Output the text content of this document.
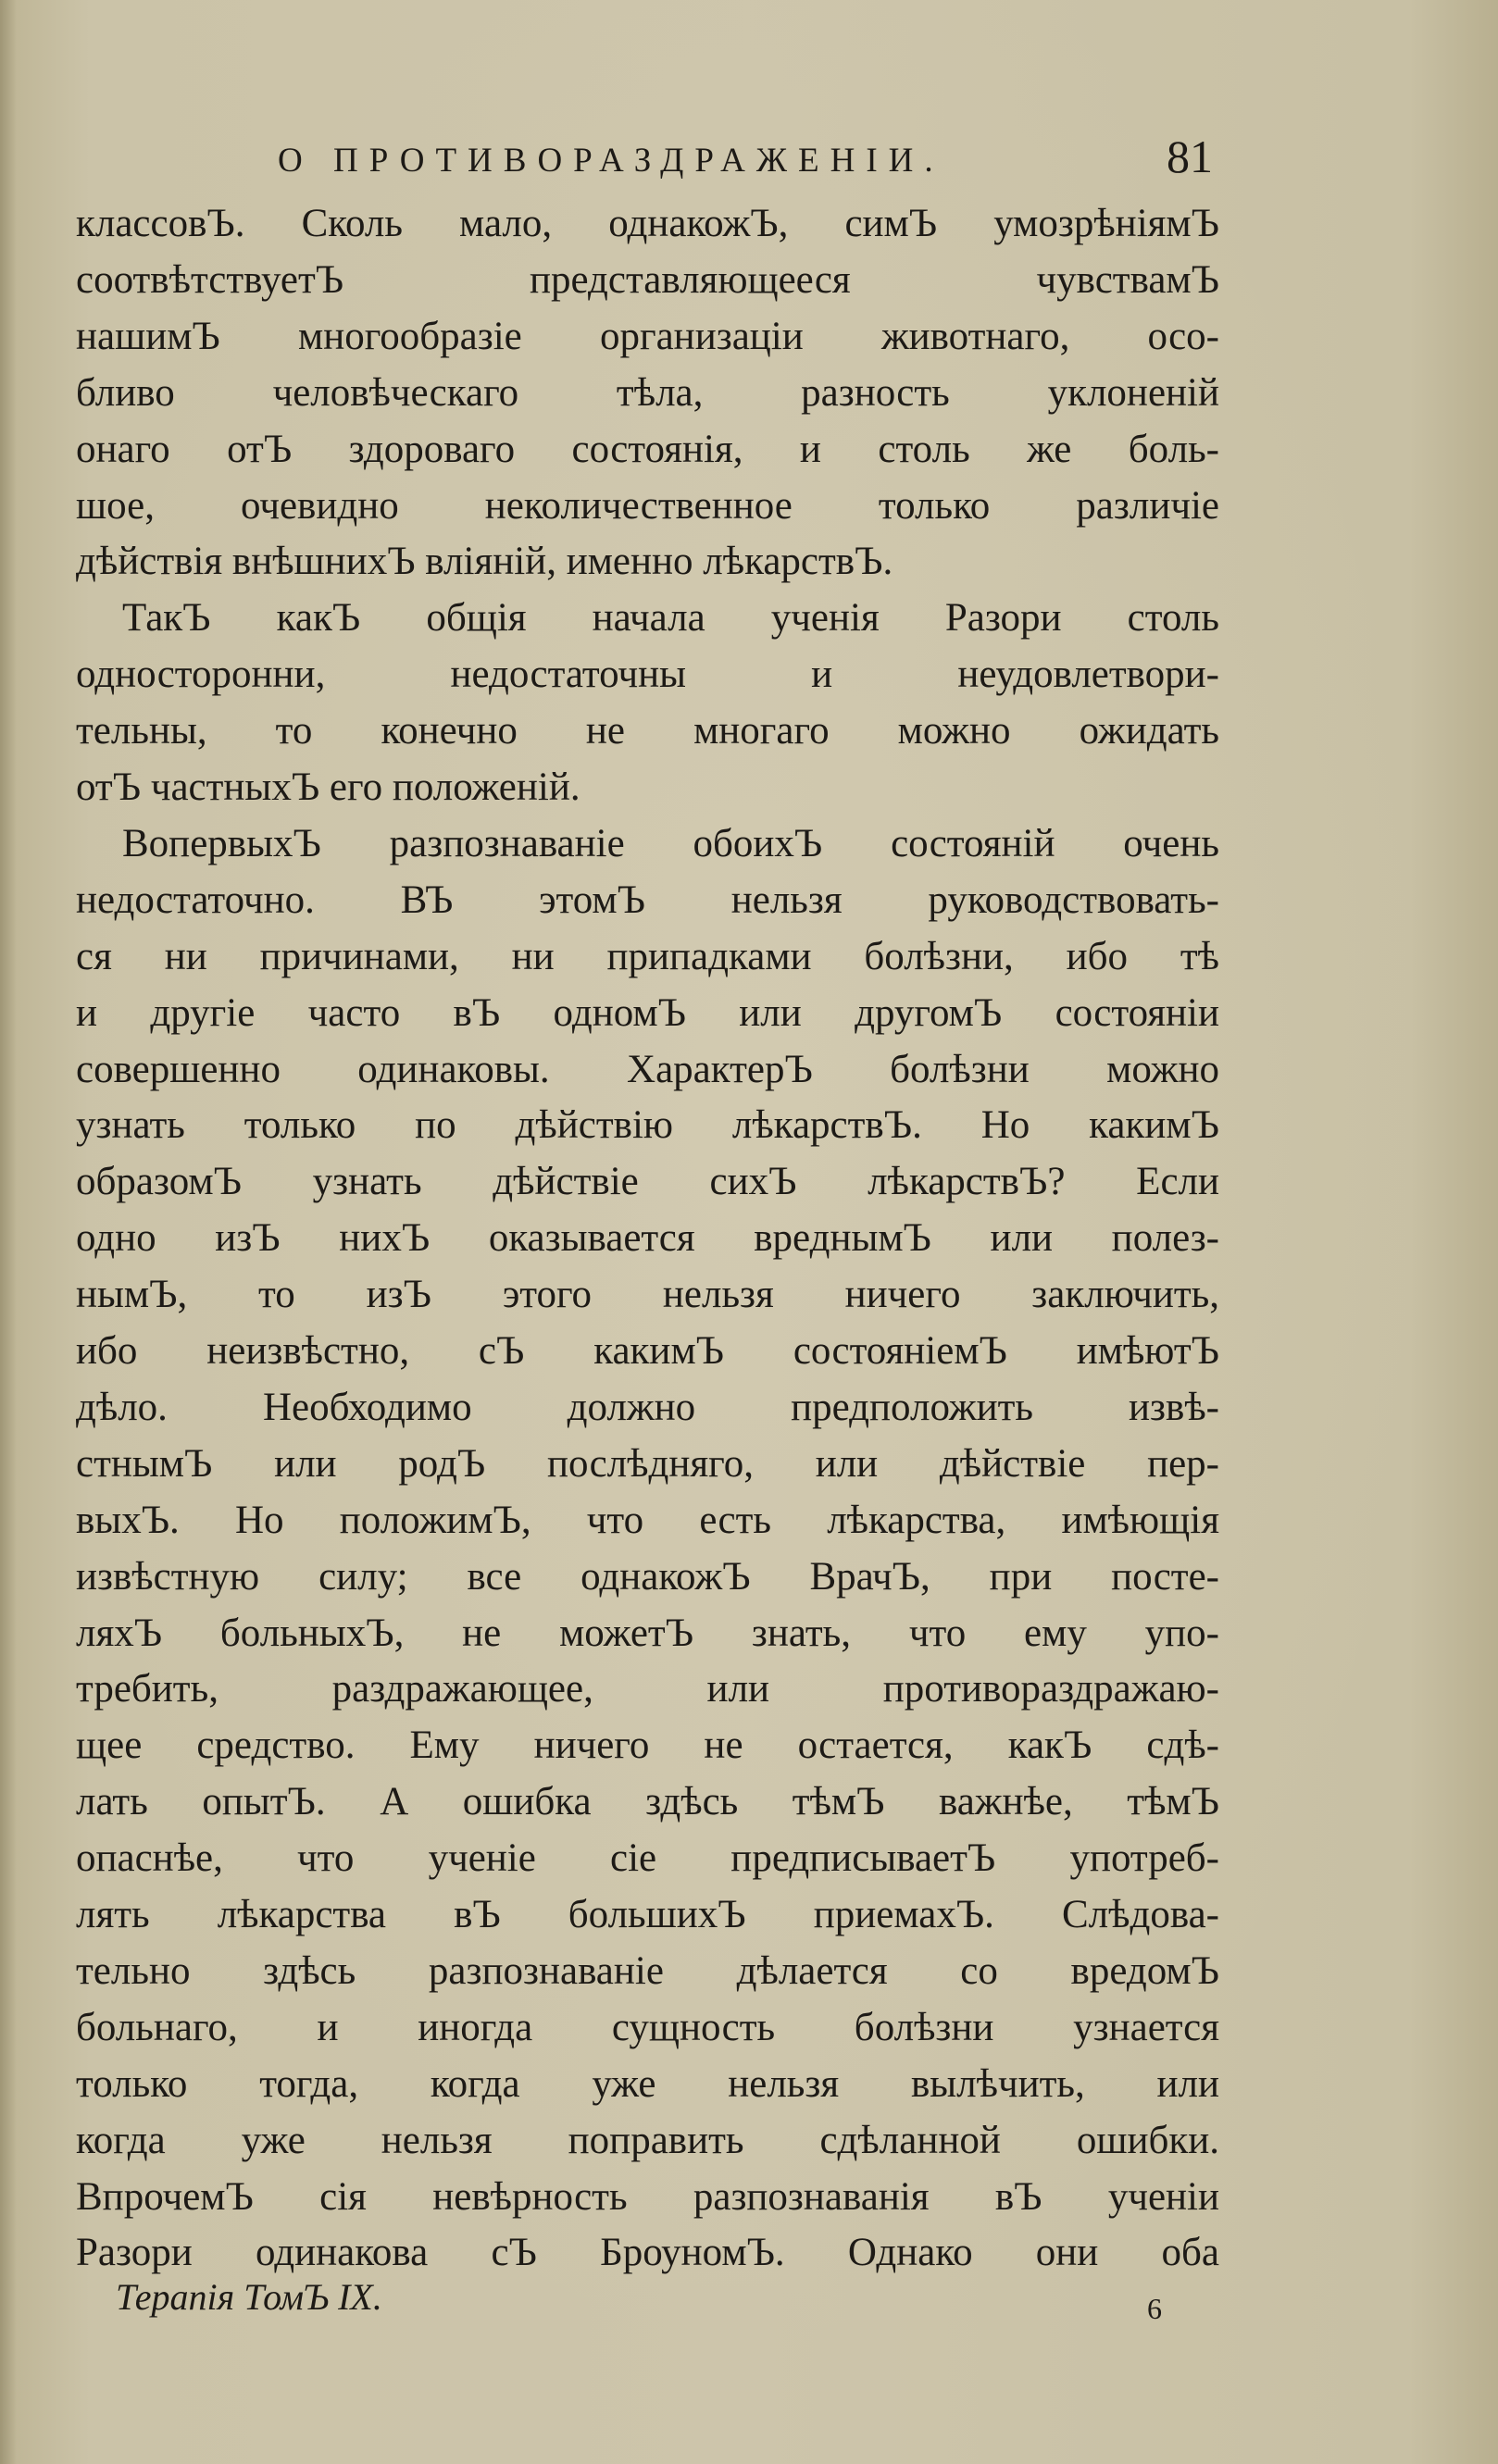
О ПРОТИВОРАЗДРАЖЕНІИ.	81
классовЪ. Сколь мало, однакожЪ, симЪ умозрѣніямЪ
соотвѣтствуетЪ представляющееся чувствамЪ
нашимЪ многообразіе организаціи животнаго, осо-
бливо человѣческаго тѣла, разность уклоненій
онаго отЪ здороваго состоянія, и столь же боль-
шое, очевидно неколичественное только различіе
дѣйствія внѣшнихЪ вліяній, именно лѣкарствЪ.
ТакЪ какЪ общія начала ученія Разори столь
односторонни, недостаточны и неудовлетвори-
тельны, то конечно не многаго можно ожидать
отЪ частныхЪ его положеній.
ВопервыхЪ разпознаваніе обоихЪ состояній очень
недостаточно. ВЪ этомЪ нельзя руководствовать-
ся ни причинами, ни припадками болѣзни, ибо тѣ
и другіе часто вЪ одномЪ или другомЪ состояніи
совершенно одинаковы. ХарактерЪ болѣзни можно
узнать только по дѣйствію лѣкарствЪ. Но какимЪ
образомЪ узнать дѣйствіе сихЪ лѣкарствЪ? Если
одно изЪ нихЪ оказывается вреднымЪ или полез-
нымЪ, то изЪ этого нельзя ничего заключить,
ибо неизвѣстно, сЪ какимЪ состояніемЪ имѣютЪ
дѣло. Необходимо должно предположить извѣ-
стнымЪ или родЪ послѣдняго, или дѣйствіе пер-
выхЪ. Но положимЪ, что есть лѣкарства, имѣющія
извѣстную силу; все однакожЪ ВрачЪ, при посте-
ляхЪ больныхЪ, не можетЪ знать, что ему упо-
требить, раздражающее, или противораздражаю-
щее средство. Ему ничего не остается, какЪ сдѣ-
лать опытЪ. А ошибка здѣсь тѣмЪ важнѣе, тѣмЪ
опаснѣе, что ученіе сіе предписываетЪ употреб-
лять лѣкарства вЪ большихЪ приемахЪ. Слѣдова-
тельно здѣсь разпознаваніе дѣлается со вредомЪ
больнаго, и иногда сущность болѣзни узнается
только тогда, когда уже нельзя вылѣчить, или
когда уже нельзя поправить сдѣланной ошибки.
ВпрочемЪ сія невѣрность разпознаванія вЪ ученіи
Разори одинакова сЪ БроуномЪ. Однако они оба
Терапія ТомЪ IX.	6
